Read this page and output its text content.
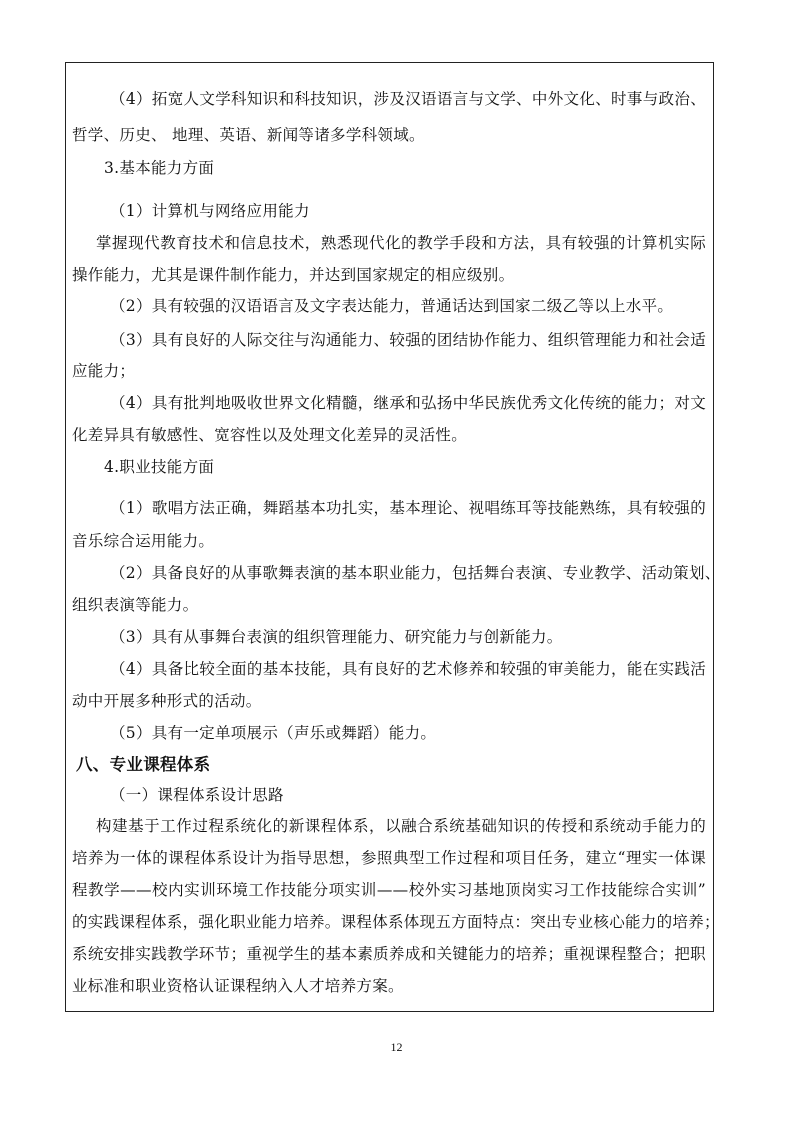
（4）拓宽人文学科知识和科技知识，涉及汉语语言与文学、中外文化、时事与政治、
哲学、历史、 地理、英语、新闻等诸多学科领域。
3.基本能力方面
（1）计算机与网络应用能力
掌握现代教育技术和信息技术，熟悉现代化的教学手段和方法，具有较强的计算机实际
操作能力，尤其是课件制作能力，并达到国家规定的相应级别。
（2）具有较强的汉语语言及文字表达能力，普通话达到国家二级乙等以上水平。
（3）具有良好的人际交往与沟通能力、较强的团结协作能力、组织管理能力和社会适
应能力；
（4）具有批判地吸收世界文化精髓，继承和弘扬中华民族优秀文化传统的能力；对文
化差异具有敏感性、宽容性以及处理文化差异的灵活性。
4.职业技能方面
（1）歌唱方法正确，舞蹈基本功扎实，基本理论、视唱练耳等技能熟练，具有较强的
音乐综合运用能力。
（2）具备良好的从事歌舞表演的基本职业能力，包括舞台表演、专业教学、活动策划、
组织表演等能力。
（3）具有从事舞台表演的组织管理能力、研究能力与创新能力。
（4）具备比较全面的基本技能，具有良好的艺术修养和较强的审美能力，能在实践活
动中开展多种形式的活动。
（5）具有一定单项展示（声乐或舞蹈）能力。
八、专业课程体系
（一）课程体系设计思路
构建基于工作过程系统化的新课程体系，以融合系统基础知识的传授和系统动手能力的
培养为一体的课程体系设计为指导思想，参照典型工作过程和项目任务，建立“理实一体课
程教学——校内实训环境工作技能分项实训——校外实习基地顶岗实习工作技能综合实训”
的实践课程体系，强化职业能力培养。课程体系体现五方面特点：突出专业核心能力的培养；
系统安排实践教学环节；重视学生的基本素质养成和关键能力的培养；重视课程整合；把职
业标准和职业资格认证课程纳入人才培养方案。
12
